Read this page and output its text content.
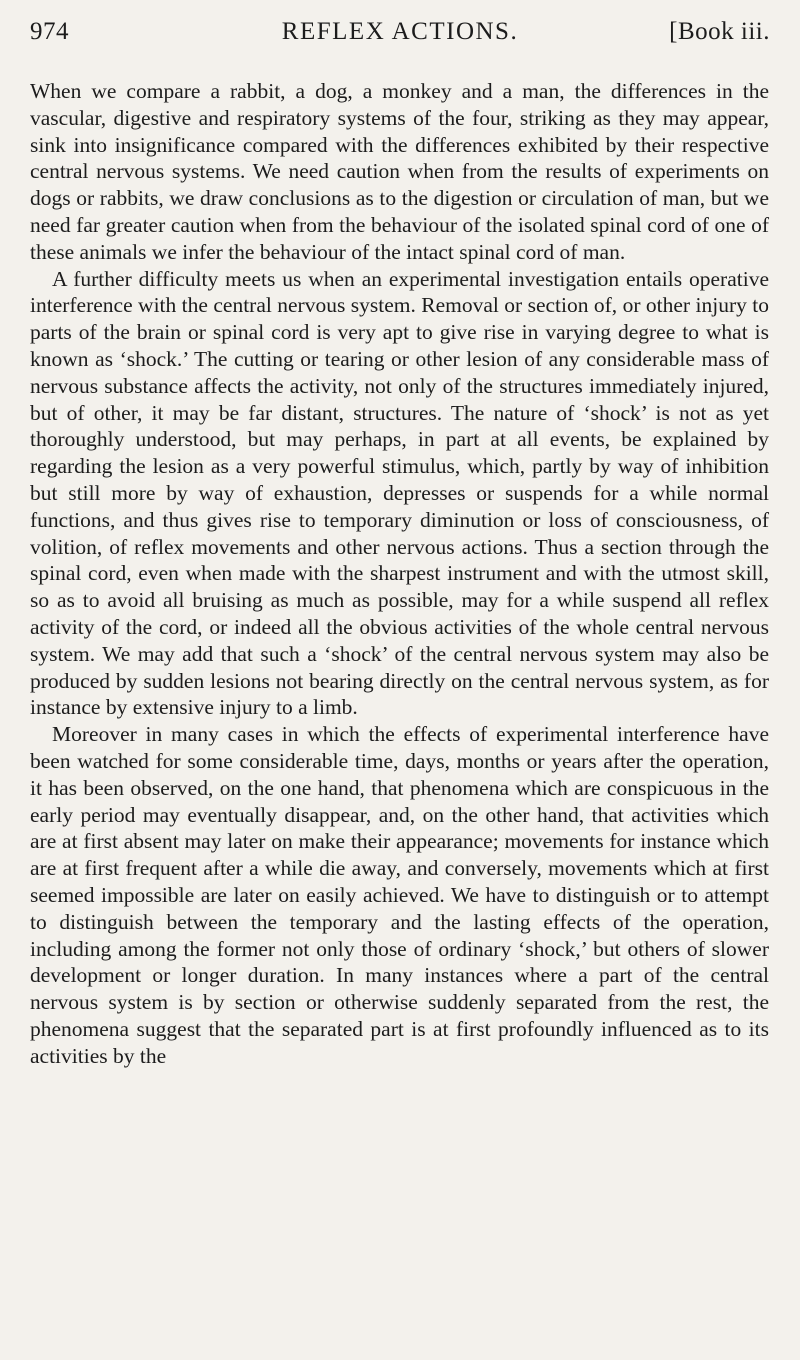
974	REFLEX ACTIONS.	[Book iii.

When we compare a rabbit, a dog, a monkey and a man, the differences in the vascular, digestive and respiratory systems of the four, striking as they may appear, sink into insignificance compared with the differences exhibited by their respective central nervous systems. We need caution when from the results of experiments on dogs or rabbits, we draw conclusions as to the digestion or circulation of man, but we need far greater caution when from the behaviour of the isolated spinal cord of one of these animals we infer the behaviour of the intact spinal cord of man.

A further difficulty meets us when an experimental investigation entails operative interference with the central nervous system. Removal or section of, or other injury to parts of the brain or spinal cord is very apt to give rise in varying degree to what is known as ‘shock.’ The cutting or tearing or other lesion of any considerable mass of nervous substance affects the activity, not only of the structures immediately injured, but of other, it may be far distant, structures. The nature of ‘shock’ is not as yet thoroughly understood, but may perhaps, in part at all events, be explained by regarding the lesion as a very powerful stimulus, which, partly by way of inhibition but still more by way of exhaustion, depresses or suspends for a while normal functions, and thus gives rise to temporary diminution or loss of consciousness, of volition, of reflex movements and other nervous actions. Thus a section through the spinal cord, even when made with the sharpest instrument and with the utmost skill, so as to avoid all bruising as much as possible, may for a while suspend all reflex activity of the cord, or indeed all the obvious activities of the whole central nervous system. We may add that such a ‘shock’ of the central nervous system may also be produced by sudden lesions not bearing directly on the central nervous system, as for instance by extensive injury to a limb.

Moreover in many cases in which the effects of experimental interference have been watched for some considerable time, days, months or years after the operation, it has been observed, on the one hand, that phenomena which are conspicuous in the early period may eventually disappear, and, on the other hand, that activities which are at first absent may later on make their appearance; movements for instance which are at first frequent after a while die away, and conversely, movements which at first seemed impossible are later on easily achieved. We have to distinguish or to attempt to distinguish between the temporary and the lasting effects of the operation, including among the former not only those of ordinary ‘shock,’ but others of slower development or longer duration. In many instances where a part of the central nervous system is by section or otherwise suddenly separated from the rest, the phenomena suggest that the separated part is at first profoundly influenced as to its activities by the
